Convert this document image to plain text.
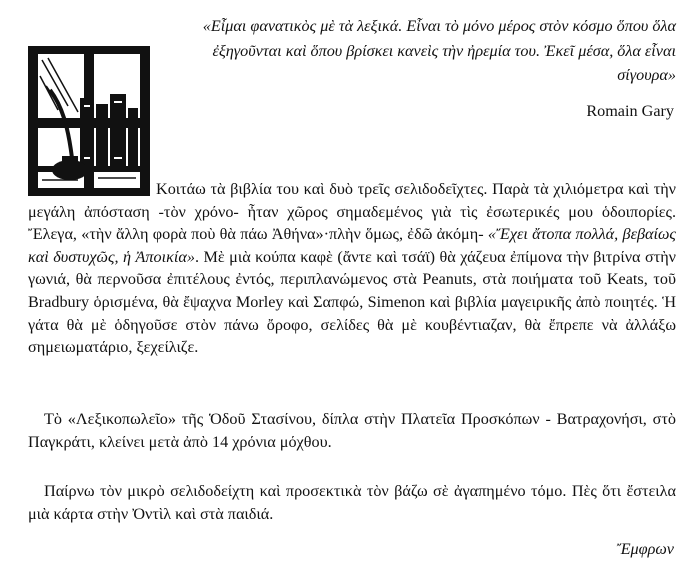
«Εἶμαι φανατικὸς μὲ τὰ λεξικά. Εἶναι τὸ μόνο μέρος στὸν κόσμο ὅπου ὅλα ἐξηγοῦνται καὶ ὅπου βρίσκει κανεὶς τὴν ἠρεμία του. Ἐκεῖ μέσα, ὅλα εἶναι σίγουρα»
Romain Gary

Κοιτάω τὰ βιβλία του καὶ δυὸ τρεῖς σελιδοδεῖχτες. Παρὰ τὰ χιλιόμετρα καὶ τὴν μεγάλη ἀπόσταση -τὸν χρόνο- ἦταν χῶρος σημαδεμένος γιὰ τὶς ἐσωτερικές μου ὁδοιπορίες. Ἔλεγα, «τὴν ἄλλη φορὰ ποὺ θὰ πάω Ἀθήνα»·πλὴν ὅμως, ἐδῶ ἀκόμη- «Ἔχει ἄτοπα πολλά, βεβαίως καὶ δυστυχῶς, ἡ Ἀποικία». Μὲ μιὰ κούπα καφὲ (ἄντε καὶ τσάϊ) θὰ χάζευα ἐπίμονα τὴν βιτρίνα στὴν γωνιά, θὰ περνοῦσα ἐπιτέλους ἐντός, περιπλανώμενος στὰ Peanuts, στὰ ποιήματα τοῦ Keats, τοῦ Bradbury ὁρισμένα, θὰ ἔψαχνα Morley καὶ Σαπφώ, Simenon καὶ βιβλία μαγειρικῆς ἀπὸ ποιητές. Ἡ γάτα θὰ μὲ ὁδηγοῦσε στὸν πάνω ὄροφο, σελίδες θὰ μὲ κουβέντιαζαν, θὰ ἔπρεπε νὰ ἀλλάξω σημειωματάριο, ξεχείλιζε.

Τὸ «Λεξικοπωλεῖο» τῆς Ὁδοῦ Στασίνου, δίπλα στὴν Πλατεῖα Προσκόπων - Βατραχονήσι, στὸ Παγκράτι, κλείνει μετὰ ἀπὸ 14 χρόνια μόχθου.

Παίρνω τὸν μικρὸ σελιδοδείχτη καὶ προσεκτικὰ τὸν βάζω σὲ ἀγαπημένο τόμο. Πὲς ὅτι ἔστειλα μιὰ κάρτα στὴν Ὀντὶλ καὶ στὰ παιδιά.

Ἔμφρων
